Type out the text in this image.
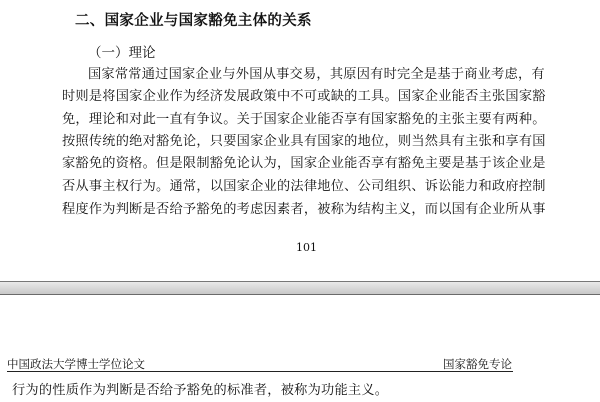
二、国家企业与国家豁免主体的关系
（一）理论
国家常常通过国家企业与外国从事交易，其原因有时完全是基于商业考虑，有
时则是将国家企业作为经济发展政策中不可或缺的工具。国家企业能否主张国家豁
免，理论和对此一直有争议。关于国家企业能否享有国家豁免的主张主要有两种。
按照传统的绝对豁免论，只要国家企业具有国家的地位，则当然具有主张和享有国
家豁免的资格。但是限制豁免论认为，国家企业能否享有豁免主要是基于该企业是
否从事主权行为。通常，以国家企业的法律地位、公司组织、诉讼能力和政府控制
程度作为判断是否给予豁免的考虑因素者，被称为结构主义，而以国有企业所从事
101
中国政法大学博士学位论文	国家豁免专论
行为的性质作为判断是否给予豁免的标准者，被称为功能主义。
